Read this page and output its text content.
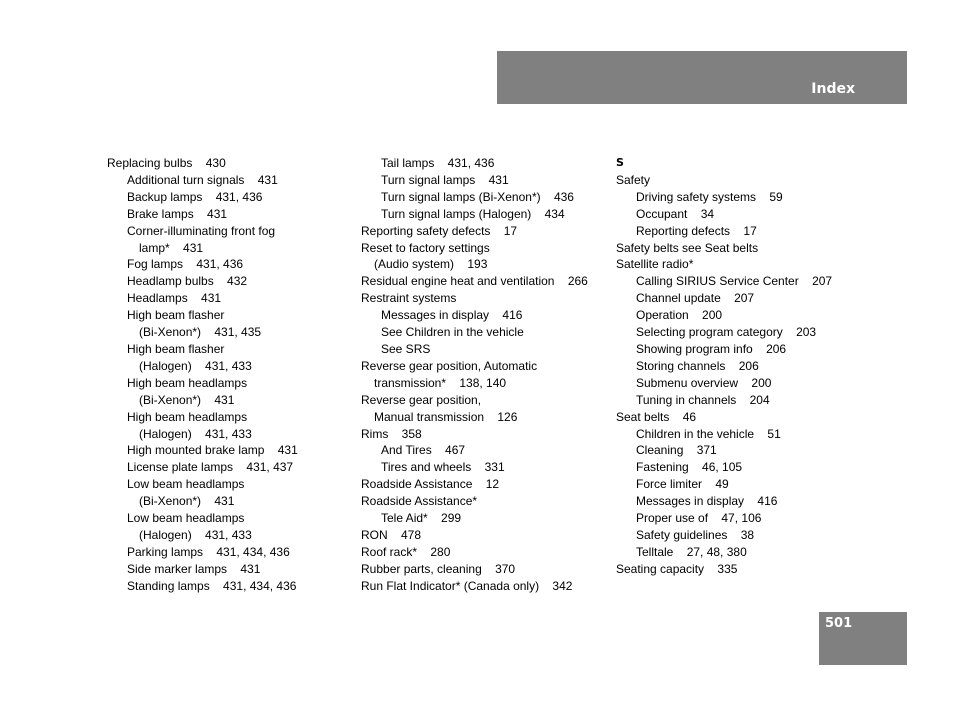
Index
Replacing bulbs    430
Additional turn signals    431
Backup lamps    431, 436
Brake lamps    431
Corner-illuminating front fog
lamp*    431
Fog lamps    431, 436
Headlamp bulbs    432
Headlamps    431
High beam flasher
(Bi-Xenon*)    431, 435
High beam flasher
(Halogen)    431, 433
High beam headlamps
(Bi-Xenon*)    431
High beam headlamps
(Halogen)    431, 433
High mounted brake lamp    431
License plate lamps    431, 437
Low beam headlamps
(Bi-Xenon*)    431
Low beam headlamps
(Halogen)    431, 433
Parking lamps    431, 434, 436
Side marker lamps    431
Standing lamps    431, 434, 436
Tail lamps    431, 436
Turn signal lamps    431
Turn signal lamps (Bi-Xenon*)    436
Turn signal lamps (Halogen)    434
Reporting safety defects    17
Reset to factory settings
(Audio system)    193
Residual engine heat and ventilation    266
Restraint systems
Messages in display    416
See Children in the vehicle
See SRS
Reverse gear position, Automatic
transmission*    138, 140
Reverse gear position,
Manual transmission    126
Rims    358
And Tires    467
Tires and wheels    331
Roadside Assistance    12
Roadside Assistance*
Tele Aid*    299
RON    478
Roof rack*    280
Rubber parts, cleaning    370
Run Flat Indicator* (Canada only)    342
S
Safety
Driving safety systems    59
Occupant    34
Reporting defects    17
Safety belts see Seat belts
Satellite radio*
Calling SIRIUS Service Center    207
Channel update    207
Operation    200
Selecting program category    203
Showing program info    206
Storing channels    206
Submenu overview    200
Tuning in channels    204
Seat belts    46
Children in the vehicle    51
Cleaning    371
Fastening    46, 105
Force limiter    49
Messages in display    416
Proper use of    47, 106
Safety guidelines    38
Telltale    27, 48, 380
Seating capacity    335
501
